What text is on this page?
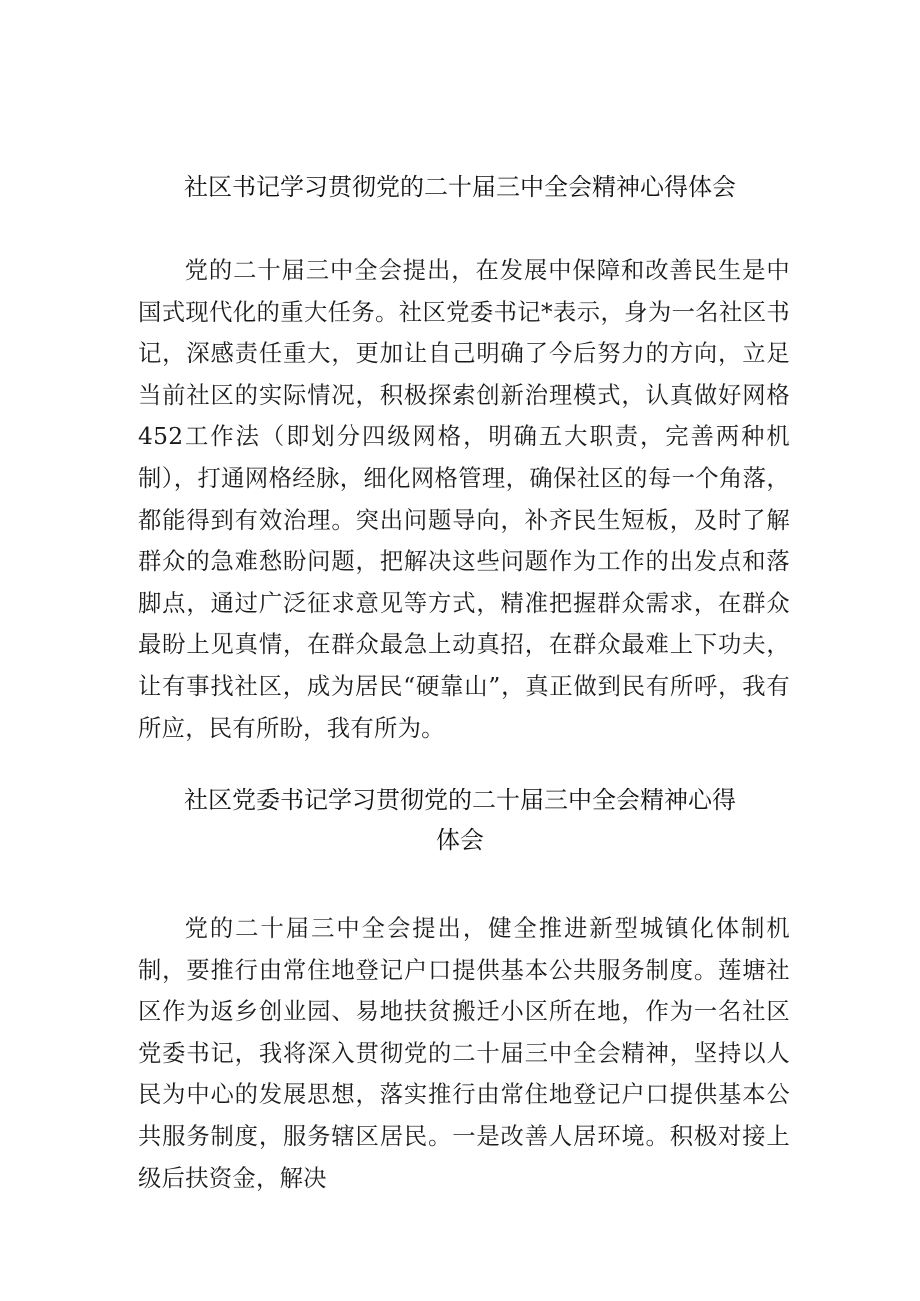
社区书记学习贯彻党的二十届三中全会精神心得体会

党的二十届三中全会提出，在发展中保障和改善民生是中国式现代化的重大任务。社区党委书记*表示，身为一名社区书记，深感责任重大，更加让自己明确了今后努力的方向，立足当前社区的实际情况，积极探索创新治理模式，认真做好网格452工作法（即划分四级网格，明确五大职责，完善两种机制），打通网格经脉，细化网格管理，确保社区的每一个角落，都能得到有效治理。突出问题导向，补齐民生短板，及时了解群众的急难愁盼问题，把解决这些问题作为工作的出发点和落脚点，通过广泛征求意见等方式，精准把握群众需求，在群众最盼上见真情，在群众最急上动真招，在群众最难上下功夫，让有事找社区，成为居民“硬靠山”，真正做到民有所呼，我有所应，民有所盼，我有所为。

社区党委书记学习贯彻党的二十届三中全会精神心得
体会

党的二十届三中全会提出，健全推进新型城镇化体制机制，要推行由常住地登记户口提供基本公共服务制度。莲塘社区作为返乡创业园、易地扶贫搬迁小区所在地，作为一名社区党委书记，我将深入贯彻党的二十届三中全会精神，坚持以人民为中心的发展思想，落实推行由常住地登记户口提供基本公共服务制度，服务辖区居民。一是改善人居环境。积极对接上级后扶资金，解决
